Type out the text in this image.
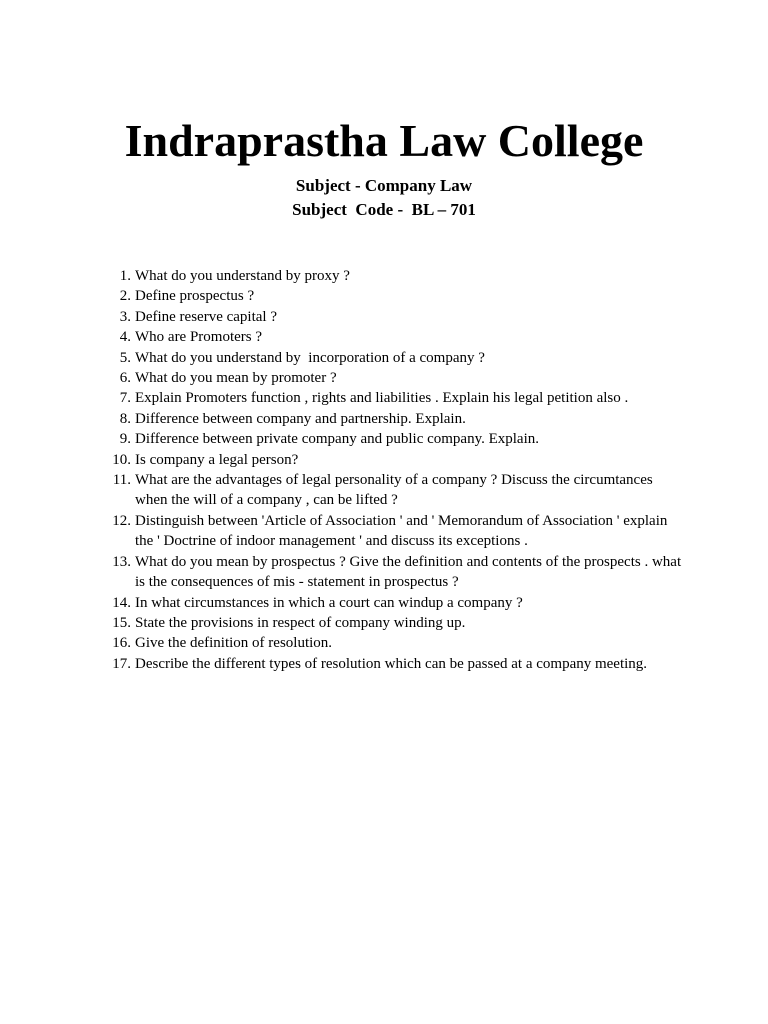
Indraprastha Law College
Subject - Company Law
Subject  Code -  BL – 701
1. What do you understand by proxy ?
2. Define prospectus ?
3. Define reserve capital ?
4. Who are Promoters ?
5. What do you understand by  incorporation of a company ?
6. What do you mean by promoter ?
7. Explain Promoters function , rights and liabilities . Explain his legal petition also .
8. Difference between company and partnership. Explain.
9. Difference between private company and public company. Explain.
10. Is company a legal person?
11. What are the advantages of legal personality of a company ? Discuss the circumtances when the will of a company , can be lifted ?
12. Distinguish between 'Article of Association ' and ' Memorandum of Association ' explain the ' Doctrine of indoor management ' and discuss its exceptions .
13. What do you mean by prospectus ? Give the definition and contents of the prospects . what is the consequences of mis - statement in prospectus ?
14. In what circumstances in which a court can windup a company ?
15. State the provisions in respect of company winding up.
16. Give the definition of resolution.
17. Describe the different types of resolution which can be passed at a company meeting.
